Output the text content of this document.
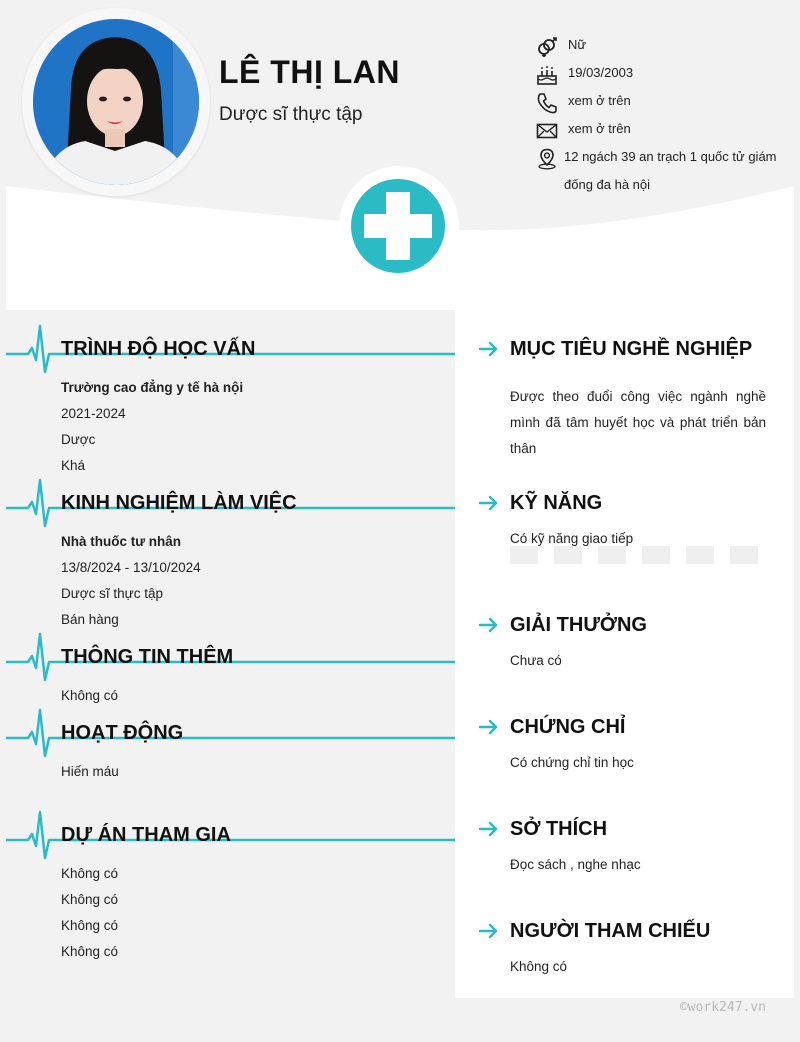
LÊ THỊ LAN
Dược sĩ thực tập
Nữ
19/03/2003
xem ở trên
xem ở trên
12 ngách 39 an trạch 1 quốc tử giám đống đa hà nội
TRÌNH ĐỘ HỌC VẤN
Trường cao đẳng y tế hà nội
2021-2024
Dược
Khá
KINH NGHIỆM LÀM VIỆC
Nhà thuốc tư nhân
13/8/2024 - 13/10/2024
Dược sĩ thực tập
Bán hàng
THÔNG TIN THÊM
Không có
HOẠT ĐỘNG
Hiến máu
DỰ ÁN THAM GIA
Không có
Không có
Không có
Không có
MỤC TIÊU NGHỀ NGHIỆP
Được theo đuổi công việc ngành nghề mình đã tâm huyết học và phát triển bản thân
KỸ NĂNG
Có kỹ năng giao tiếp
GIẢI THƯỞNG
Chưa có
CHỨNG CHỈ
Có chứng chỉ tin học
SỞ THÍCH
Đọc sách , nghe nhạc
NGƯỜI THAM CHIẾU
Không có
©work247.vn
